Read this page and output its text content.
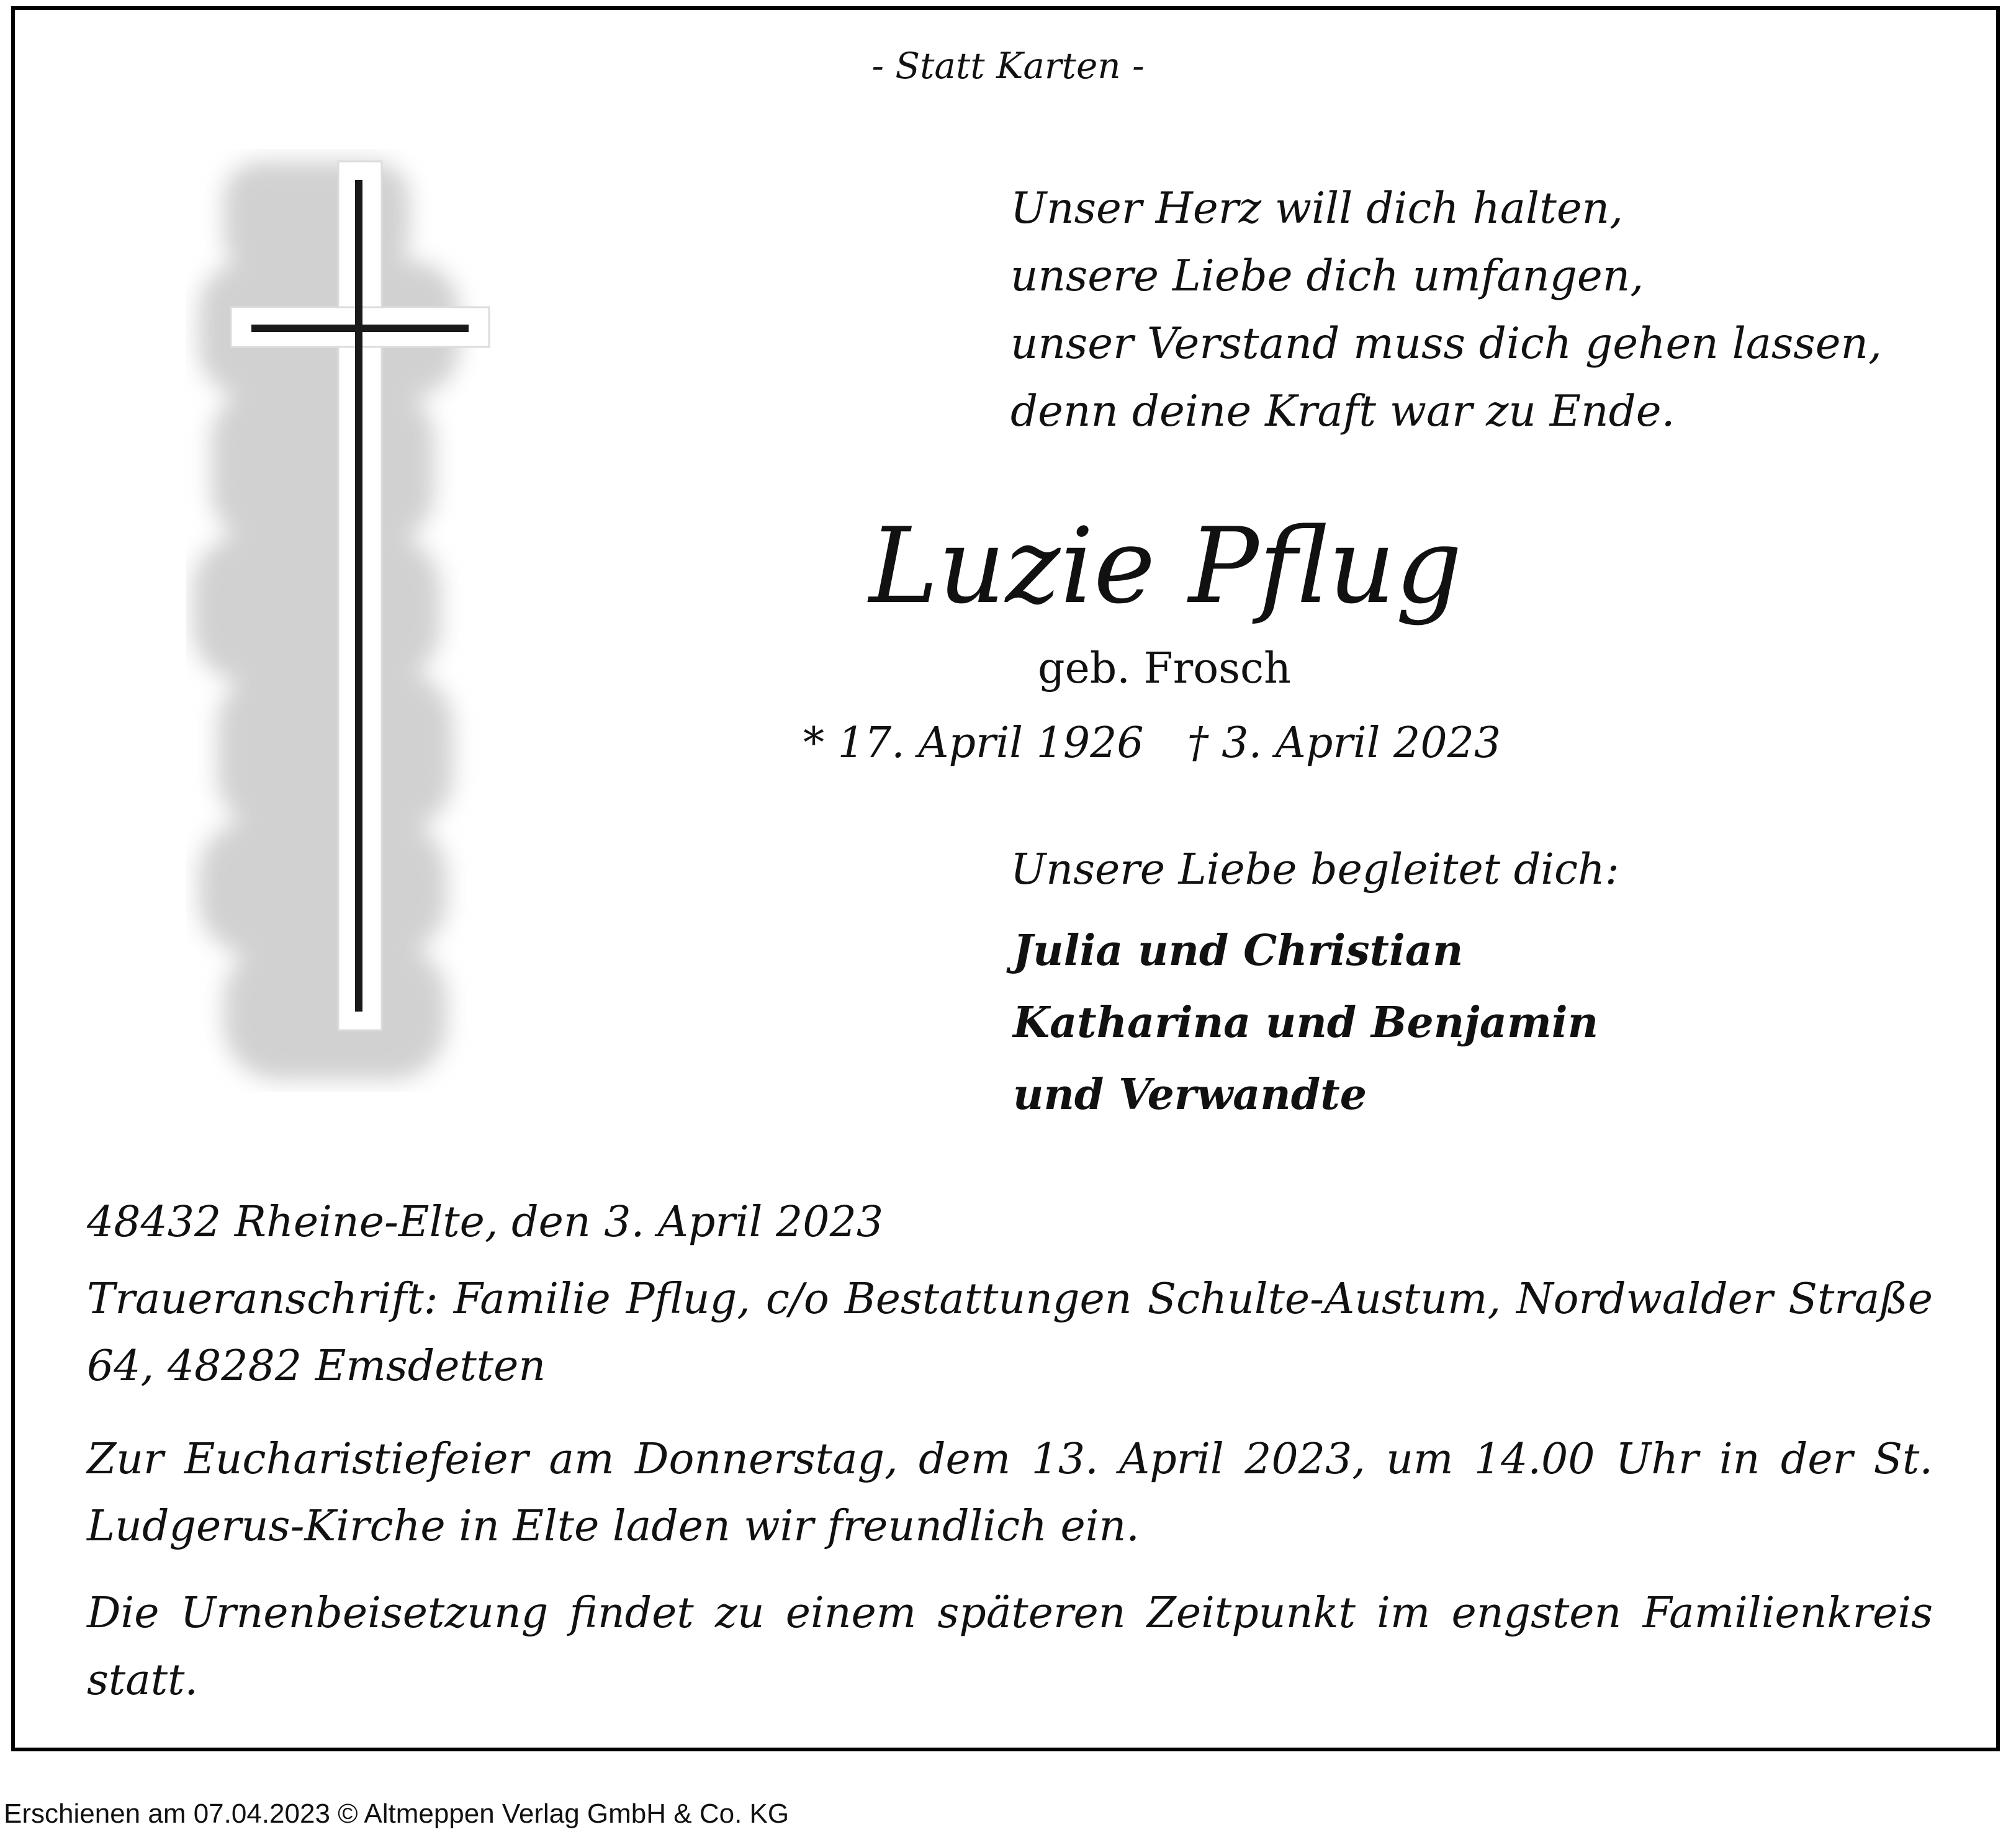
- Statt Karten -
Unser Herz will dich halten,
unsere Liebe dich umfangen,
unser Verstand muss dich gehen lassen,
denn deine Kraft war zu Ende.
Luzie Pflug
geb. Frosch
* 17. April 1926 † 3. April 2023
Unsere Liebe begleitet dich:
Julia und Christian
Katharina und Benjamin
und Verwandte
48432 Rheine-Elte, den 3. April 2023
Traueranschrift: Familie Pflug, c/o Bestattungen Schulte-Austum, Nordwalder Straße 64, 48282 Emsdetten
Zur Eucharistiefeier am Donnerstag, dem 13. April 2023, um 14.00 Uhr in der St. Ludgerus-Kirche in Elte laden wir freundlich ein.
Die Urnenbeisetzung findet zu einem späteren Zeitpunkt im engsten Familienkreis statt.
Erschienen am 07.04.2023 © Altmeppen Verlag GmbH & Co. KG
